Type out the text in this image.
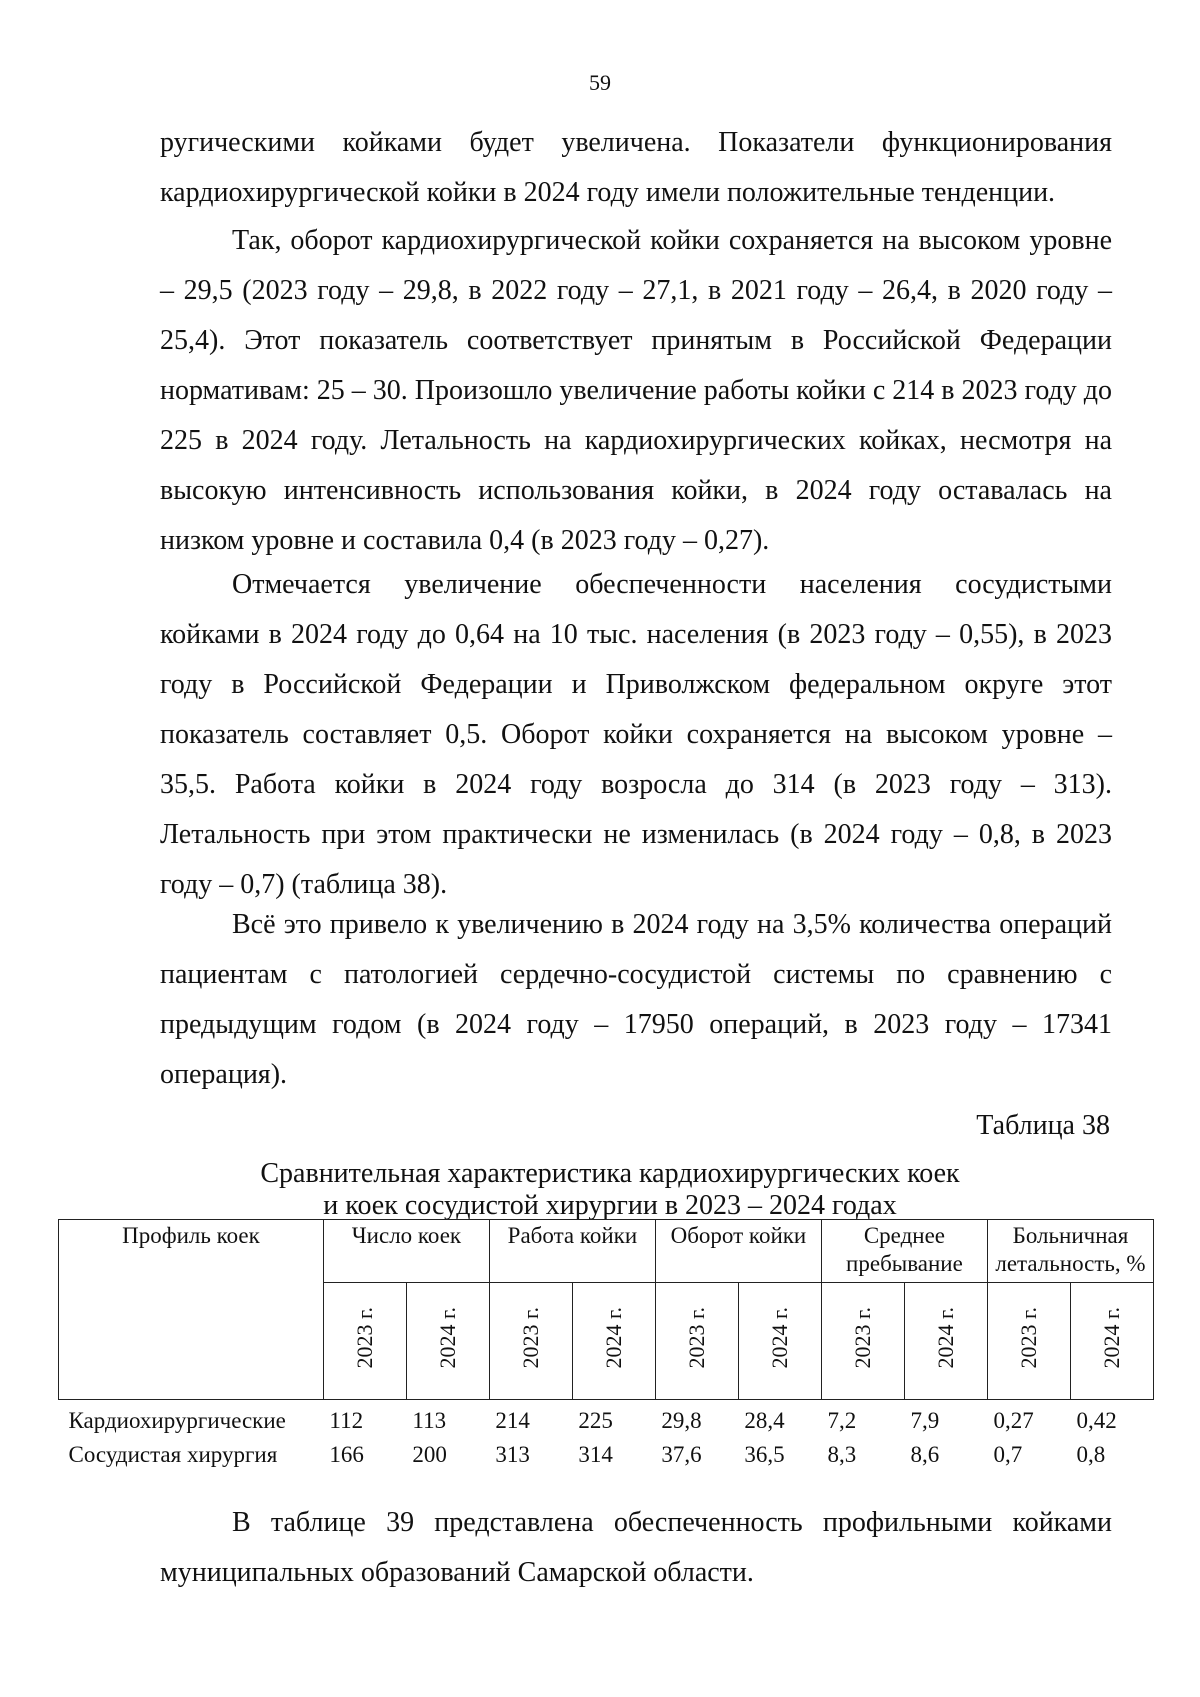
59

ругическими койками будет увеличена. Показатели функционирования кардиохирургической койки в 2024 году имели положительные тенденции.

Так, оборот кардиохирургической койки сохраняется на высоком уровне – 29,5 (2023 году – 29,8, в 2022 году – 27,1, в 2021 году – 26,4, в 2020 году – 25,4). Этот показатель соответствует принятым в Российской Федерации нормативам: 25 – 30. Произошло увеличение работы койки с 214 в 2023 году до 225 в 2024 году. Летальность на кардиохирургических койках, несмотря на высокую интенсивность использования койки, в 2024 году оставалась на низком уровне и составила 0,4 (в 2023 году – 0,27).

Отмечается увеличение обеспеченности населения сосудистыми койками в 2024 году до 0,64 на 10 тыс. населения (в 2023 году – 0,55), в 2023 году в Российской Федерации и Приволжском федеральном округе этот показатель составляет 0,5. Оборот койки сохраняется на высоком уровне – 35,5. Работа койки в 2024 году возросла до 314 (в 2023 году – 313). Летальность при этом практически не изменилась (в 2024 году – 0,8, в 2023 году – 0,7) (таблица 38).

Всё это привело к увеличению в 2024 году на 3,5% количества операций пациентам с патологией сердечно-сосудистой системы по сравнению с предыдущим годом (в 2024 году – 17950 операций, в 2023 году – 17341 операция).

Таблица 38
Сравнительная характеристика кардиохирургических коек
и коек сосудистой хирургии в 2023 – 2024 годах
Профиль коек	Число коек		Работа койки		Оборот койки		Среднее пребывание		Больничная летальность, %	
	2023 г.	2024 г.	2023 г.	2024 г.	2023 г.	2024 г.	2023 г.	2024 г.	2023 г.	2024 г.
Кардиохирургические	112	113	214	225	29,8	28,4	7,2	7,9	0,27	0,42
Сосудистая хирургия	166	200	313	314	37,6	36,5	8,3	8,6	0,7	0,8

В таблице 39 представлена обеспеченность профильными койками муниципальных образований Самарской области.
